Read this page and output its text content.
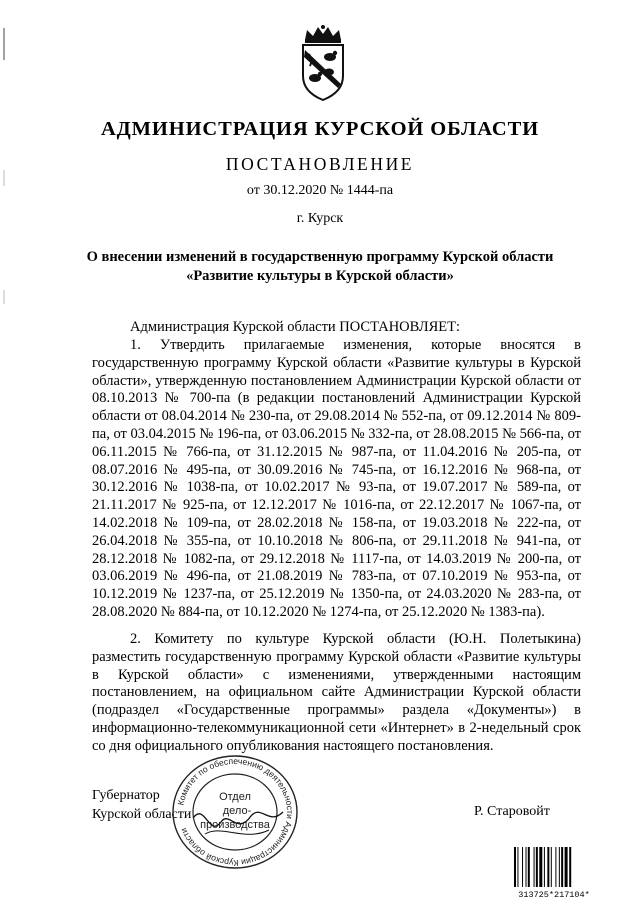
АДМИНИСТРАЦИЯ КУРСКОЙ ОБЛАСТИ
ПОСТАНОВЛЕНИЕ
от 30.12.2020 № 1444-па
г. Курск
О внесении изменений в государственную программу Курской области «Развитие культуры в Курской области»
Администрация Курской области ПОСТАНОВЛЯЕТ:
1. Утвердить прилагаемые изменения, которые вносятся в государственную программу Курской области «Развитие культуры в Курской области», утвержденную постановлением Администрации Курской области от 08.10.2013 № 700-па (в редакции постановлений Администрации Курской области от 08.04.2014 № 230-па, от 29.08.2014 № 552-па, от 09.12.2014 № 809-па, от 03.04.2015 № 196-па, от 03.06.2015 № 332-па, от 28.08.2015 № 566-па, от 06.11.2015 № 766-па, от 31.12.2015 № 987-па, от 11.04.2016 № 205-па, от 08.07.2016 № 495-па, от 30.09.2016 № 745-па, от 16.12.2016 № 968-па, от 30.12.2016 № 1038-па, от 10.02.2017 № 93-па, от 19.07.2017 № 589-па, от 21.11.2017 № 925-па, от 12.12.2017 № 1016-па, от 22.12.2017 № 1067-па, от 14.02.2018 № 109-па, от 28.02.2018 № 158-па, от 19.03.2018 № 222-па, от 26.04.2018 № 355-па, от 10.10.2018 № 806-па, от 29.11.2018 № 941-па, от 28.12.2018 № 1082-па, от 29.12.2018 № 1117-па, от 14.03.2019 № 200-па, от 03.06.2019 № 496-па, от 21.08.2019 № 783-па, от 07.10.2019 № 953-па, от 10.12.2019 № 1237-па, от 25.12.2019 № 1350-па, от 24.03.2020 № 283-па, от 28.08.2020 № 884-па, от 10.12.2020 № 1274-па, от 25.12.2020 № 1383-па).
2. Комитету по культуре Курской области (Ю.Н. Полетыкина) разместить государственную программу Курской области «Развитие культуры в Курской области» с изменениями, утвержденными настоящим постановлением, на официальном сайте Администрации Курской области (подраздел «Государственные программы» раздела «Документы») в информационно-телекоммуникационной сети «Интернет» в 2-недельный срок со дня официального опубликования настоящего постановления.
Губернатор
Курской области
Комитет по обеспечению деятельности Администрации Курской области
Отдел
дело-
производства
Р. Старовойт
313725*217104*
